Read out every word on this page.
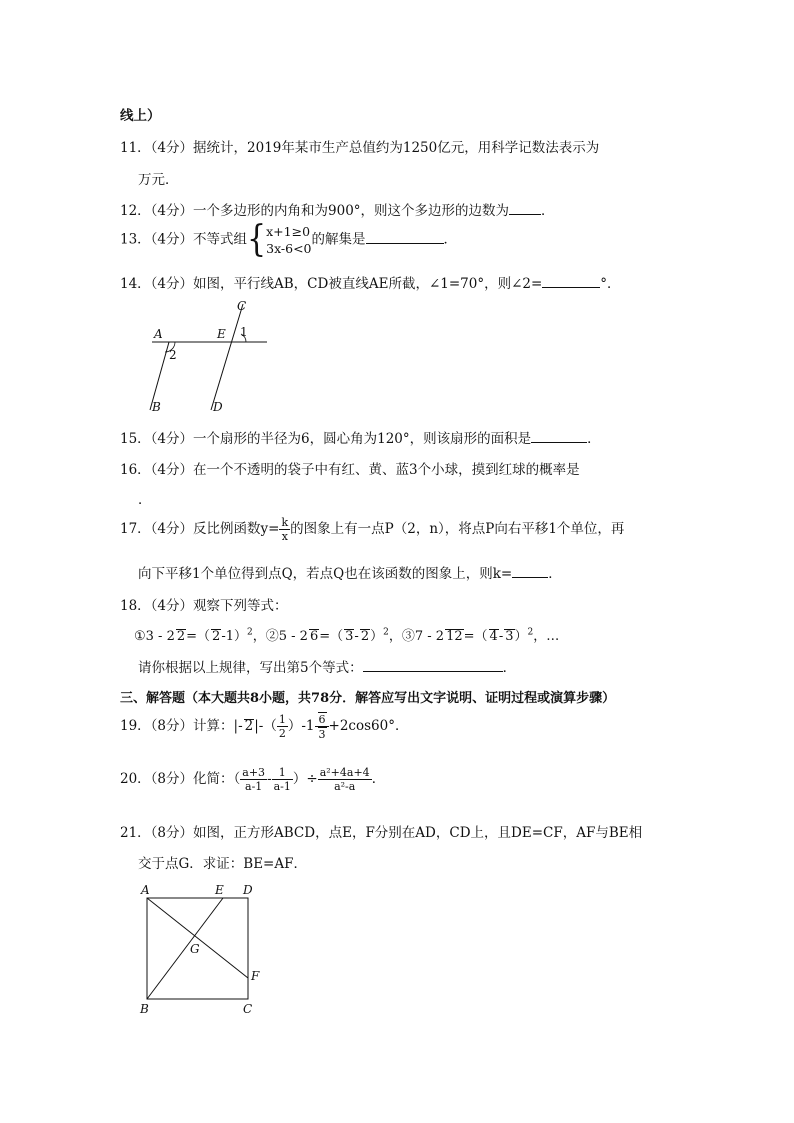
线上）
11．（4分）据统计，2019年某市生产总值约为1250亿元，用科学记数法表示为
万元．
12．（4分）一个多边形的内角和为900°，则这个多边形的边数为 ．
13．（4分）不等式组{ x+1≥0
3x-6<0
的解集是	．
14．（4分）如图，平行线AB，CD被直线AE所截，∠1=70°，则∠2=	°．
A	E
C
1
2
B	D
15．（4分）一个扇形的半径为6，圆心角为120°，则该扇形的面积是	．
16．（4分）在一个不透明的袋子中有红、黄、蓝3个小球，摸到红球的概率是
．
17．（4分）反比例函数$y= \frac{k}{x}$ 的图象上有一点P（2，n），将点P向右平移1个单位，再
向下平移1个单位得到点Q，若点Q也在该函数的图象上，则k=	．
18．（4分）观察下列等式：
①3 - 2 2=（ 2-1）$^2$，②5 - 2 6=（ 3- 2）$^2$，③7 - 2 12=（ 4- 3）$^2$，…
请你根据以上规律，写出第5个等式：	．
三、解答题（本大题共8小题，共78分．解答应写出文字说明、证明过程或演算步骤）
19．（8分）计算：|- $2|-( \frac{1}{2} )-1 \frac{6}{3} +2\cos 60^\circ$．
20．（8分）化简：（ $\frac{a+3}{a-1} - \frac{1}{a-1}$ ）÷ $\frac{\text{a²+4a+4}}{\text{a²-a}}$ ．
21．（8分）如图，正方形ABCD，点E，F分别在AD，CD上，且DE=CF，AF与BE相
交于点G．求证：BE=AF．
A	E D
G
F
B	C
